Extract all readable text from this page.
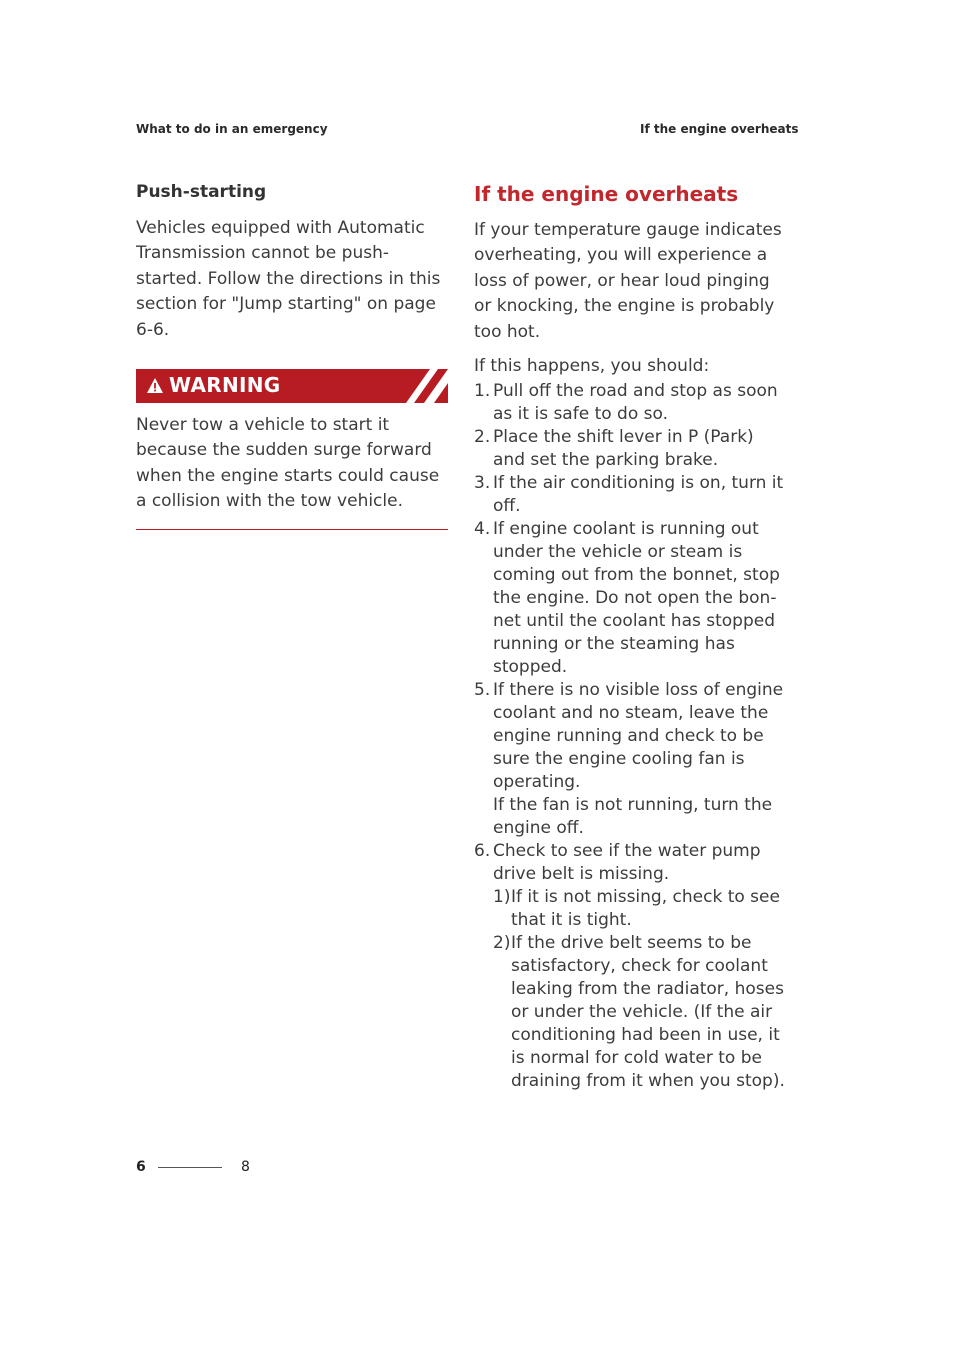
What to do in an emergency	If the engine overheats
Push-starting

Vehicles equipped with Automatic Transmission cannot be push-started. Follow the directions in this section for "Jump starting" on page 6-6.

WARNING

Never tow a vehicle to start it because the sudden surge forward when the engine starts could cause a collision with the tow vehicle.

If the engine overheats

If your temperature gauge indicates overheating, you will experience a loss of power, or hear loud pinging or knocking, the engine is probably too hot.

If this happens, you should:

1. Pull off the road and stop as soon as it is safe to do so.
2. Place the shift lever in P (Park) and set the parking brake.
3. If the air conditioning is on, turn it off.
4. If engine coolant is running out under the vehicle or steam is coming out from the bonnet, stop the engine. Do not open the bon-net until the coolant has stopped running or the steaming has stopped.
5. If there is no visible loss of engine coolant and no steam, leave the engine running and check to be sure the engine cooling fan is operating.
If the fan is not running, turn the engine off.
6. Check to see if the water pump drive belt is missing.
1) If it is not missing, check to see that it is tight.
2) If the drive belt seems to be satisfactory, check for coolant leaking from the radiator, hoses or under the vehicle. (If the air conditioning had been in use, it is normal for cold water to be draining from it when you stop).
6	8
